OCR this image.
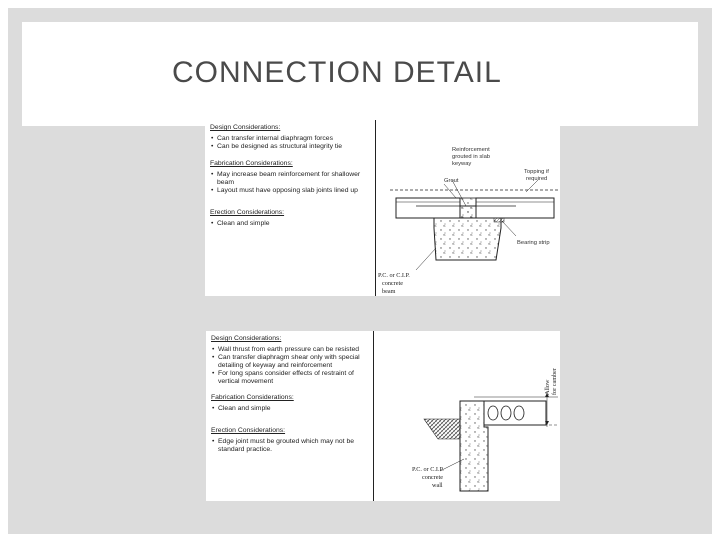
CONNECTION DETAIL
Design Considerations:
• Can transfer internal diaphragm forces
• Can be designed as structural integrity tie
Fabrication Considerations:
• May increase beam reinforcement for shallower beam
• Layout must have opposing slab joints lined up
Erection Considerations:
• Clean and simple
Reinforcement
grouted in slab
keyway
Grout
Topping if
required
Bearing strip
P.C. or C.I.P.
concrete
beam
Design Considerations:
• Wall thrust from earth pressure can be resisted
• Can transfer diaphragm shear only with special detailing of keyway and reinforcement
• For long spans consider effects of restraint of vertical movement
Fabrication Considerations:
• Clean and simple
Erection Considerations:
• Edge joint must be grouted which may not be standard practice.
Allow for camber
P.C. or C.I.P.
concrete
wall
